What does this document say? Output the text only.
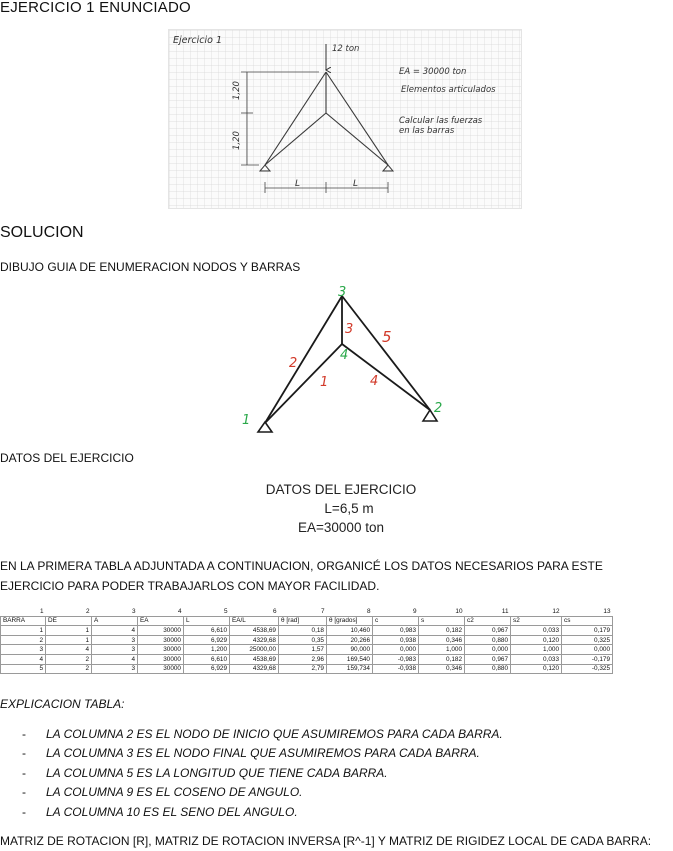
EJERCICIO 1 ENUNCIADO
Ejercicio 1
12 ton
1,20
1,20
L	L
EA = 30000 ton
Elementos articulados
Calcular las fuerzas
en las barras
SOLUCION
DIBUJO GUIA DE ENUMERACION NODOS Y BARRAS
1
2
3
4
1
2
3
4
5
DATOS DEL EJERCICIO
DATOS DEL EJERCICIO
L=6,5 m
EA=30000 ton
EN LA PRIMERA TABLA ADJUNTADA A CONTINUACION, ORGANICÉ LOS DATOS NECESARIOS PARA ESTE
EJERCICIO PARA PODER TRABAJARLOS CON MAYOR FACILIDAD.
1	2	3	4	5	6	7	8	9	10	11	12	13
BARRA	DE	A	EA	L	EA/L	θ [rad]	θ [grados]	c	s	c2	s2	cs
1	1	4	30000	6,610	4538,69	0,18	10,460	0,983	0,182	0,967	0,033	0,179
2	1	3	30000	6,929	4329,68	0,35	20,266	0,938	0,346	0,880	0,120	0,325
3	4	3	30000	1,200	25000,00	1,57	90,000	0,000	1,000	0,000	1,000	0,000
4	2	4	30000	6,610	4538,69	2,96	169,540	-0,983	0,182	0,967	0,033	-0,179
5	2	3	30000	6,929	4329,68	2,79	159,734	-0,938	0,346	0,880	0,120	-0,325
EXPLICACION TABLA:
- LA COLUMNA 2 ES EL NODO DE INICIO QUE ASUMIREMOS PARA CADA BARRA.
- LA COLUMNA 3 ES EL NODO FINAL QUE ASUMIREMOS PARA CADA BARRA.
- LA COLUMNA 5 ES LA LONGITUD QUE TIENE CADA BARRA.
- LA COLUMNA 9 ES EL COSENO DE ANGULO.
- LA COLUMNA 10 ES EL SENO DEL ANGULO.
MATRIZ DE ROTACION [R], MATRIZ DE ROTACION INVERSA [R^-1] Y MATRIZ DE RIGIDEZ LOCAL DE CADA BARRA:
